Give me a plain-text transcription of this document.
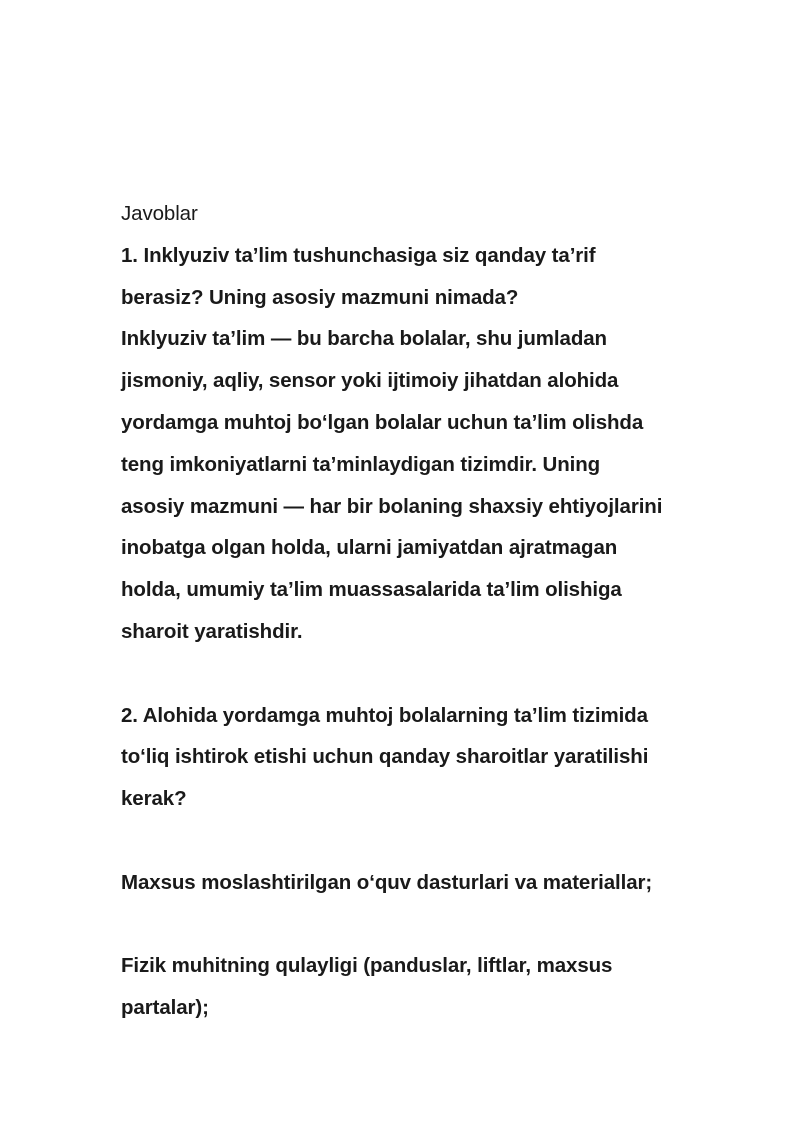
Javoblar
1. Inklyuziv ta’lim tushunchasiga siz qanday ta’rif
berasiz? Uning asosiy mazmuni nimada?
Inklyuziv ta’lim — bu barcha bolalar, shu jumladan
jismoniy, aqliy, sensor yoki ijtimoiy jihatdan alohida
yordamga muhtoj bo‘lgan bolalar uchun ta’lim olishda
teng imkoniyatlarni ta’minlaydigan tizimdir. Uning
asosiy mazmuni — har bir bolaning shaxsiy ehtiyojlarini
inobatga olgan holda, ularni jamiyatdan ajratmagan
holda, umumiy ta’lim muassasalarida ta’lim olishiga
sharoit yaratishdir.
2. Alohida yordamga muhtoj bolalarning ta’lim tizimida
to‘liq ishtirok etishi uchun qanday sharoitlar yaratilishi
kerak?
Maxsus moslashtirilgan o‘quv dasturlari va materiallar;
Fizik muhitning qulayligi (panduslar, liftlar, maxsus
partalar);
